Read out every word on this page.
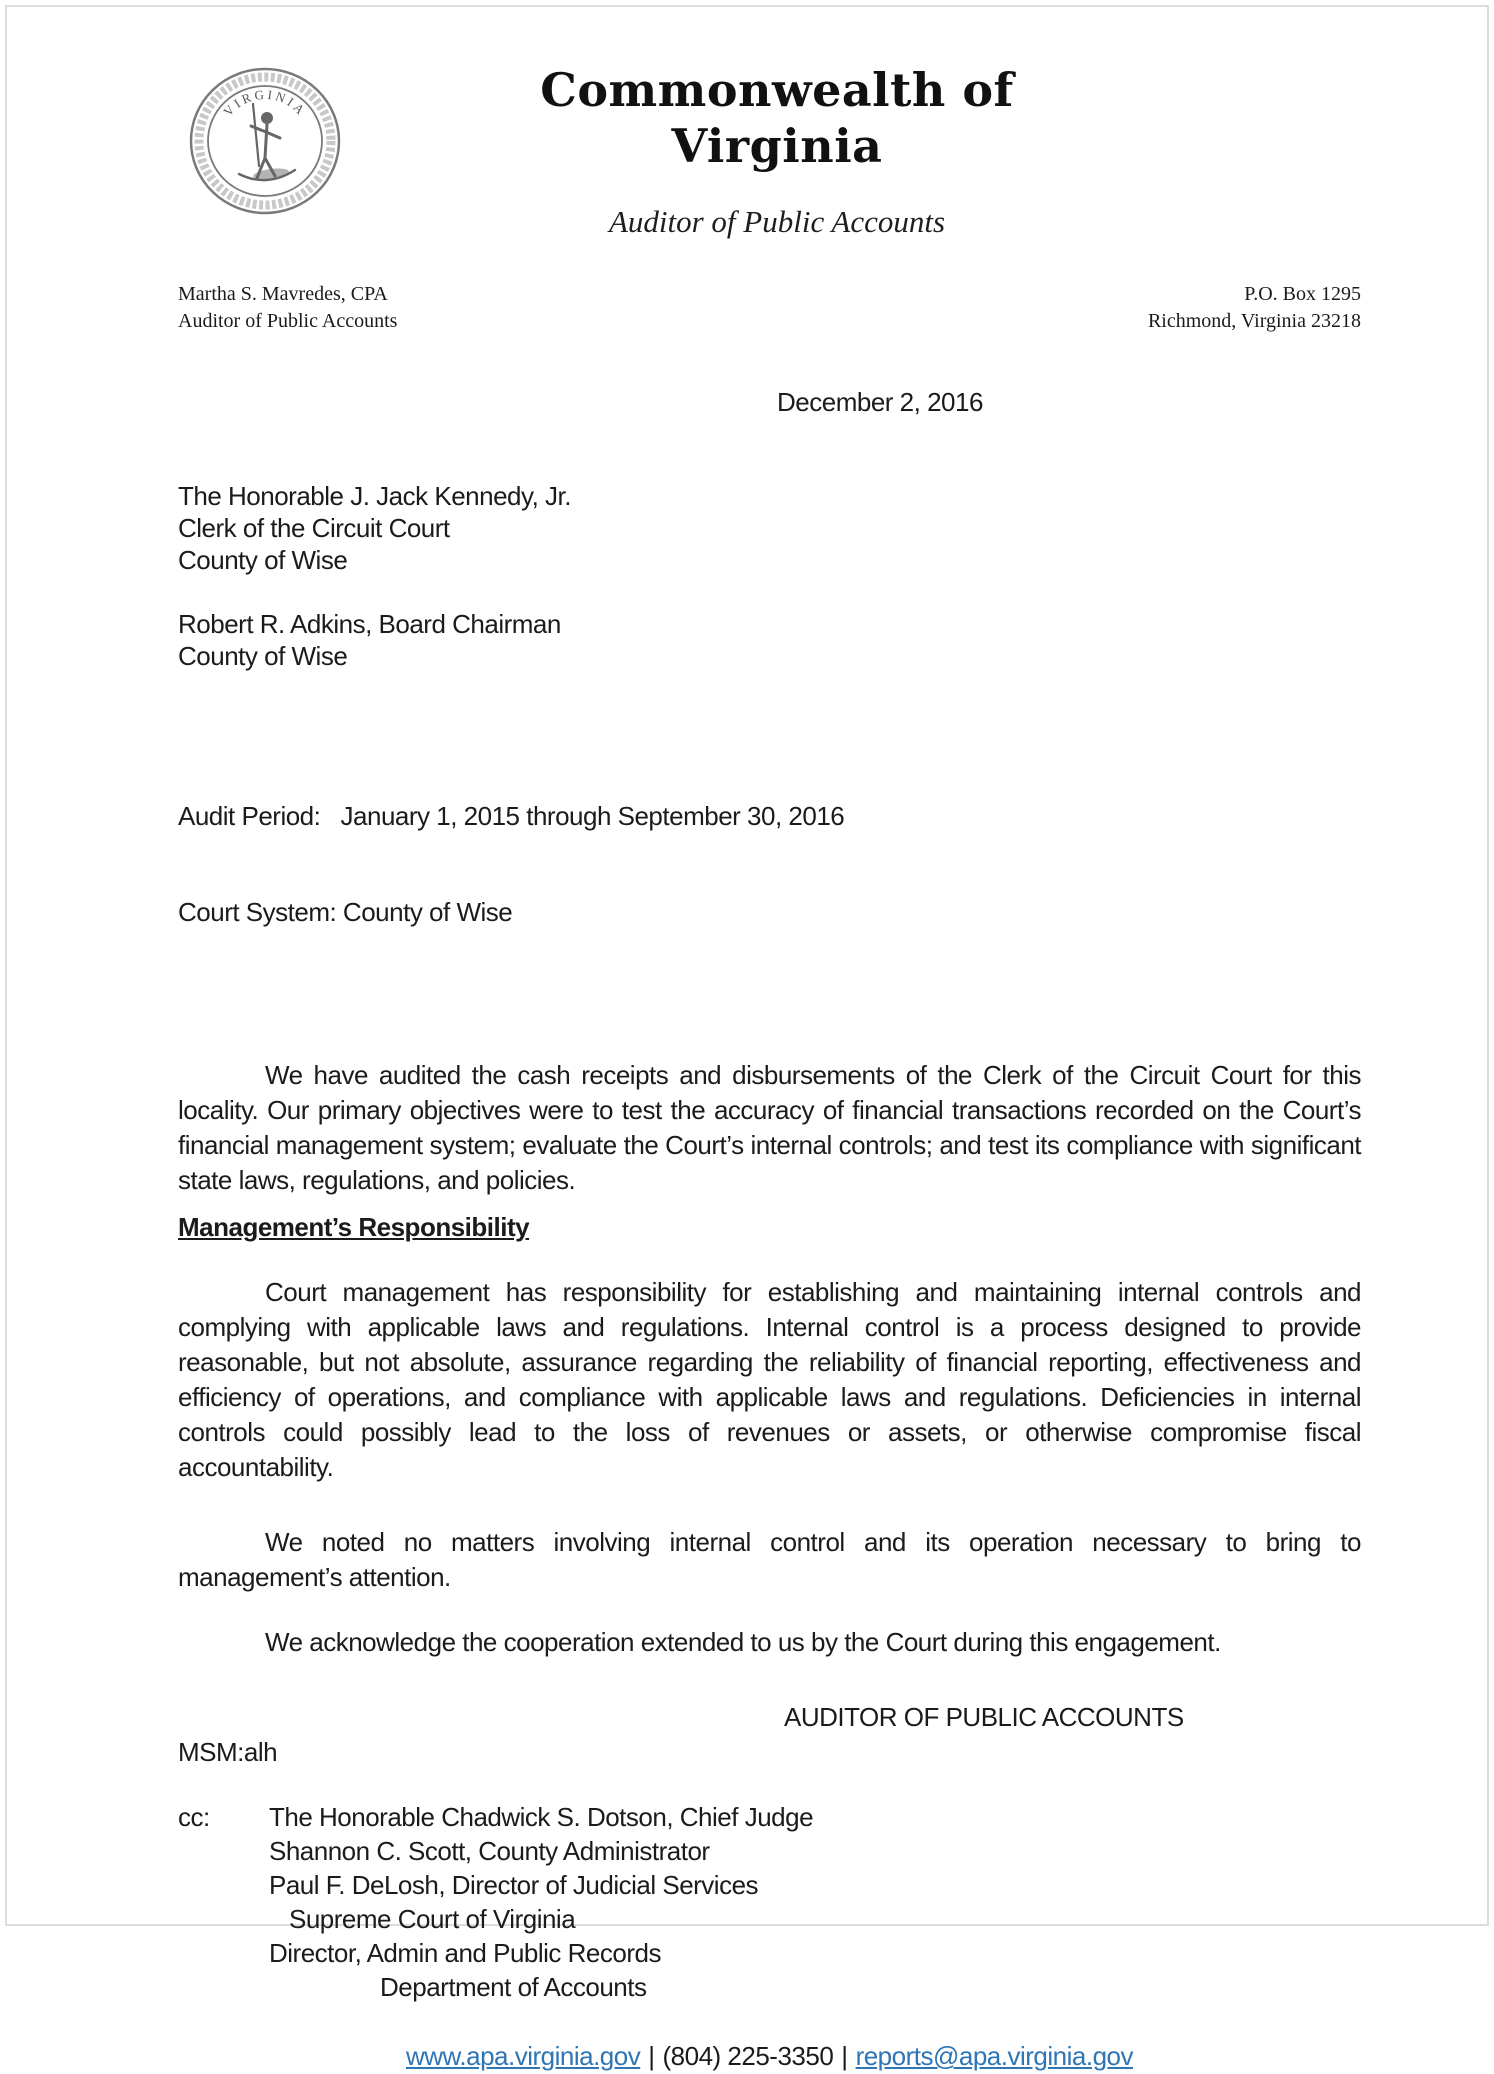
VIRGINIA	Commonwealth of Virginia
Auditor of Public Accounts
Martha S. Mavredes, CPA
Auditor of Public Accounts
P.O. Box 1295
Richmond, Virginia 23218
December 2, 2016
The Honorable J. Jack Kennedy, Jr.
Clerk of the Circuit Court
County of Wise
Robert R. Adkins, Board Chairman
County of Wise

Audit Period:   January 1, 2015 through September 30, 2016

Court System: County of Wise

We have audited the cash receipts and disbursements of the Clerk of the Circuit Court for this locality. Our primary objectives were to test the accuracy of financial transactions recorded on the Court’s financial management system; evaluate the Court’s internal controls; and test its compliance with significant state laws, regulations, and policies.

Management’s Responsibility

Court management has responsibility for establishing and maintaining internal controls and complying with applicable laws and regulations. Internal control is a process designed to provide reasonable, but not absolute, assurance regarding the reliability of financial reporting, effectiveness and efficiency of operations, and compliance with applicable laws and regulations. Deficiencies in internal controls could possibly lead to the loss of revenues or assets, or otherwise compromise fiscal accountability.

We noted no matters involving internal control and its operation necessary to bring to management’s attention.

We acknowledge the cooperation extended to us by the Court during this engagement.

AUDITOR OF PUBLIC ACCOUNTS
MSM:alh
cc:	The Honorable Chadwick S. Dotson, Chief Judge
Shannon C. Scott, County Administrator
Paul F. DeLosh, Director of Judicial Services
Supreme Court of Virginia
Director, Admin and Public Records
Department of Accounts
www.apa.virginia.gov | (804) 225-3350 | reports@apa.virginia.gov
